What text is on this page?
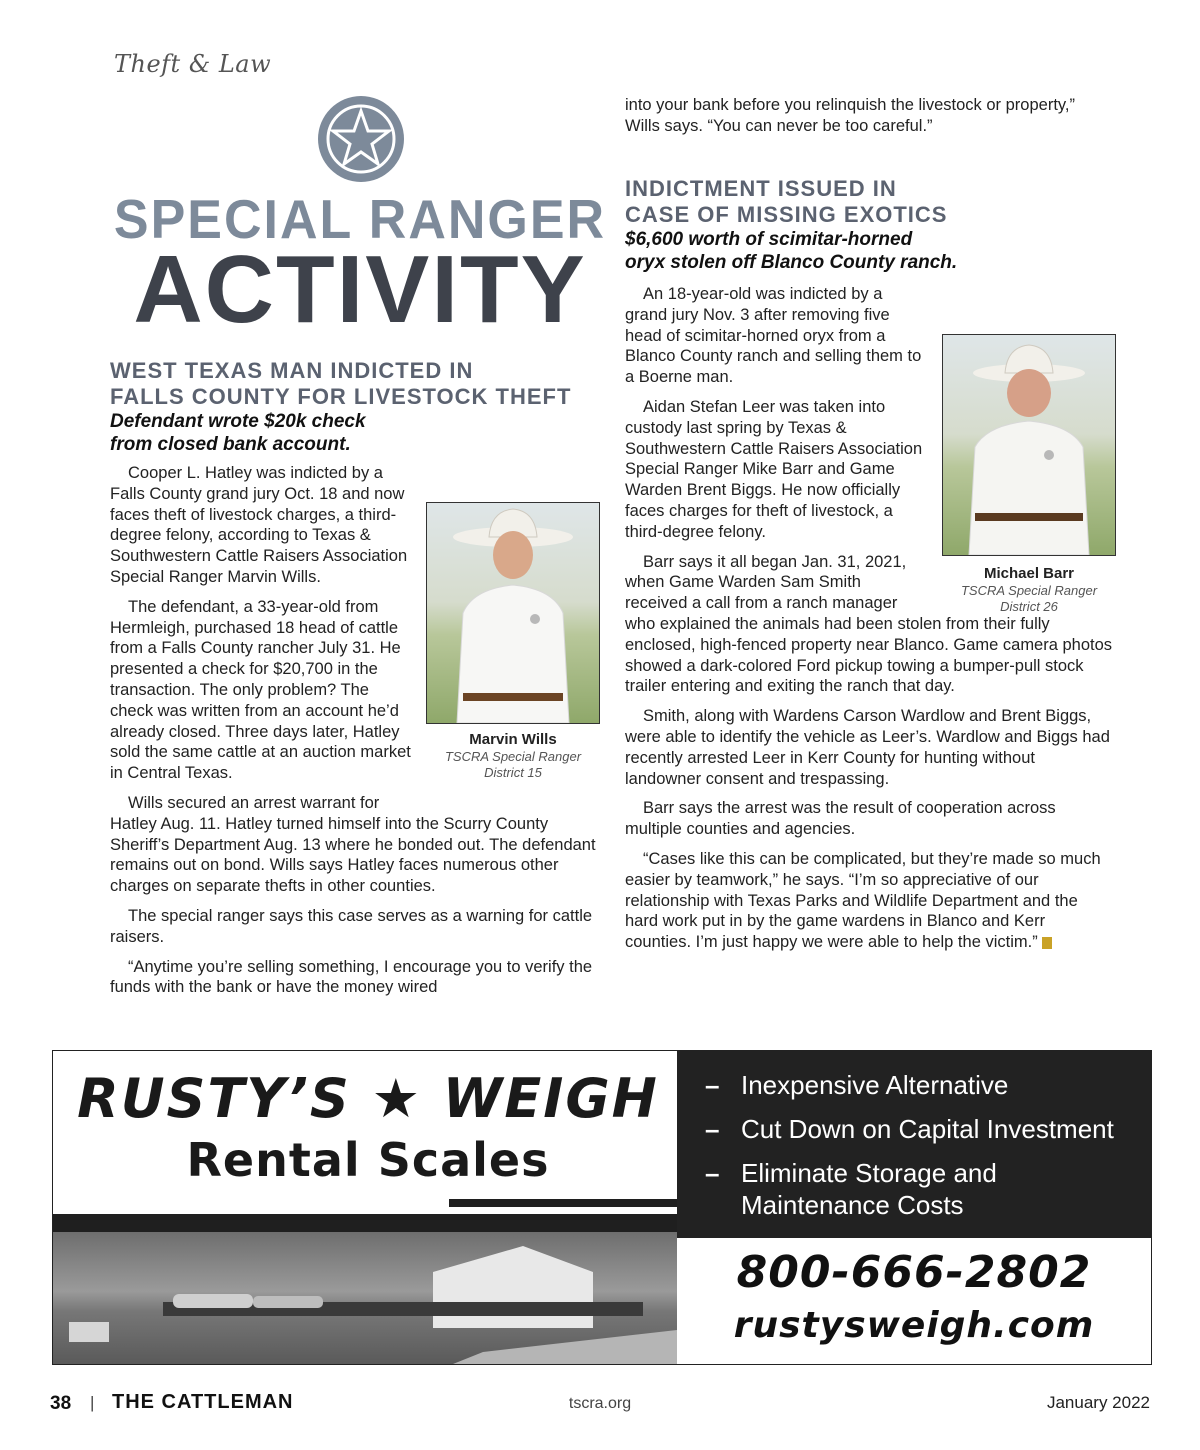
Theft & Law
SPECIAL RANGER
ACTIVITY
WEST TEXAS MAN INDICTED IN
FALLS COUNTY FOR LIVESTOCK THEFT
Defendant wrote $20k check
from closed bank account.

Cooper L. Hatley was indicted by a Falls County grand jury Oct. 18 and now faces theft of livestock charges, a third-degree felony, according to Texas & Southwestern Cattle Raisers Association Special Ranger Marvin Wills.

The defendant, a 33-year-old from Hermleigh, purchased 18 head of cattle from a Falls County rancher July 31. He presented a check for $20,700 in the transaction. The only problem? The check was written from an account he’d already closed. Three days later, Hatley sold the same cattle at an auction market in Central Texas.

Wills secured an arrest warrant for Hatley Aug. 11. Hatley turned himself into the Scurry County Sheriff’s Department Aug. 13 where he bonded out. The defendant remains out on bond. Wills says Hatley faces numerous other charges on separate thefts in other counties.

The special ranger says this case serves as a warning for cattle raisers.

“Anytime you’re selling something, I encourage you to verify the funds with the bank or have the money wired

Marvin Wills
TSCRA Special Ranger
District 15

into your bank before you relinquish the livestock or property,” Wills says. “You can never be too careful.”

INDICTMENT ISSUED IN
CASE OF MISSING EXOTICS
$6,600 worth of scimitar-horned
oryx stolen off Blanco County ranch.

An 18-year-old was indicted by a grand jury Nov. 3 after removing five head of scimitar-horned oryx from a Blanco County ranch and selling them to a Boerne man.

Aidan Stefan Leer was taken into custody last spring by Texas & Southwestern Cattle Raisers Association Special Ranger Mike Barr and Game Warden Brent Biggs. He now officially faces charges for theft of livestock, a third-degree felony.

Barr says it all began Jan. 31, 2021, when Game Warden Sam Smith received a call from a ranch manager who explained the animals had been stolen from their fully enclosed, high-fenced property near Blanco. Game camera photos showed a dark-colored Ford pickup towing a bumper-pull stock trailer entering and exiting the ranch that day.

Smith, along with Wardens Carson Wardlow and Brent Biggs, were able to identify the vehicle as Leer’s. Wardlow and Biggs had recently arrested Leer in Kerr County for hunting without landowner consent and trespassing.

Barr says the arrest was the result of cooperation across multiple counties and agencies.

“Cases like this can be complicated, but they’re made so much easier by teamwork,” he says. “I’m so appreciative of our relationship with Texas Parks and Wildlife Department and the hard work put in by the game wardens in Blanco and Kerr counties. I’m just happy we were able to help the victim.”

Michael Barr
TSCRA Special Ranger
District 26
RUSTY’S ★ WEIGH
Rental Scales
– Inexpensive Alternative
– Cut Down on Capital Investment
– Eliminate Storage and Maintenance Costs
800-666-2802
rustysweigh.com
38 | THE CATTLEMAN	tscra.org	January 2022
